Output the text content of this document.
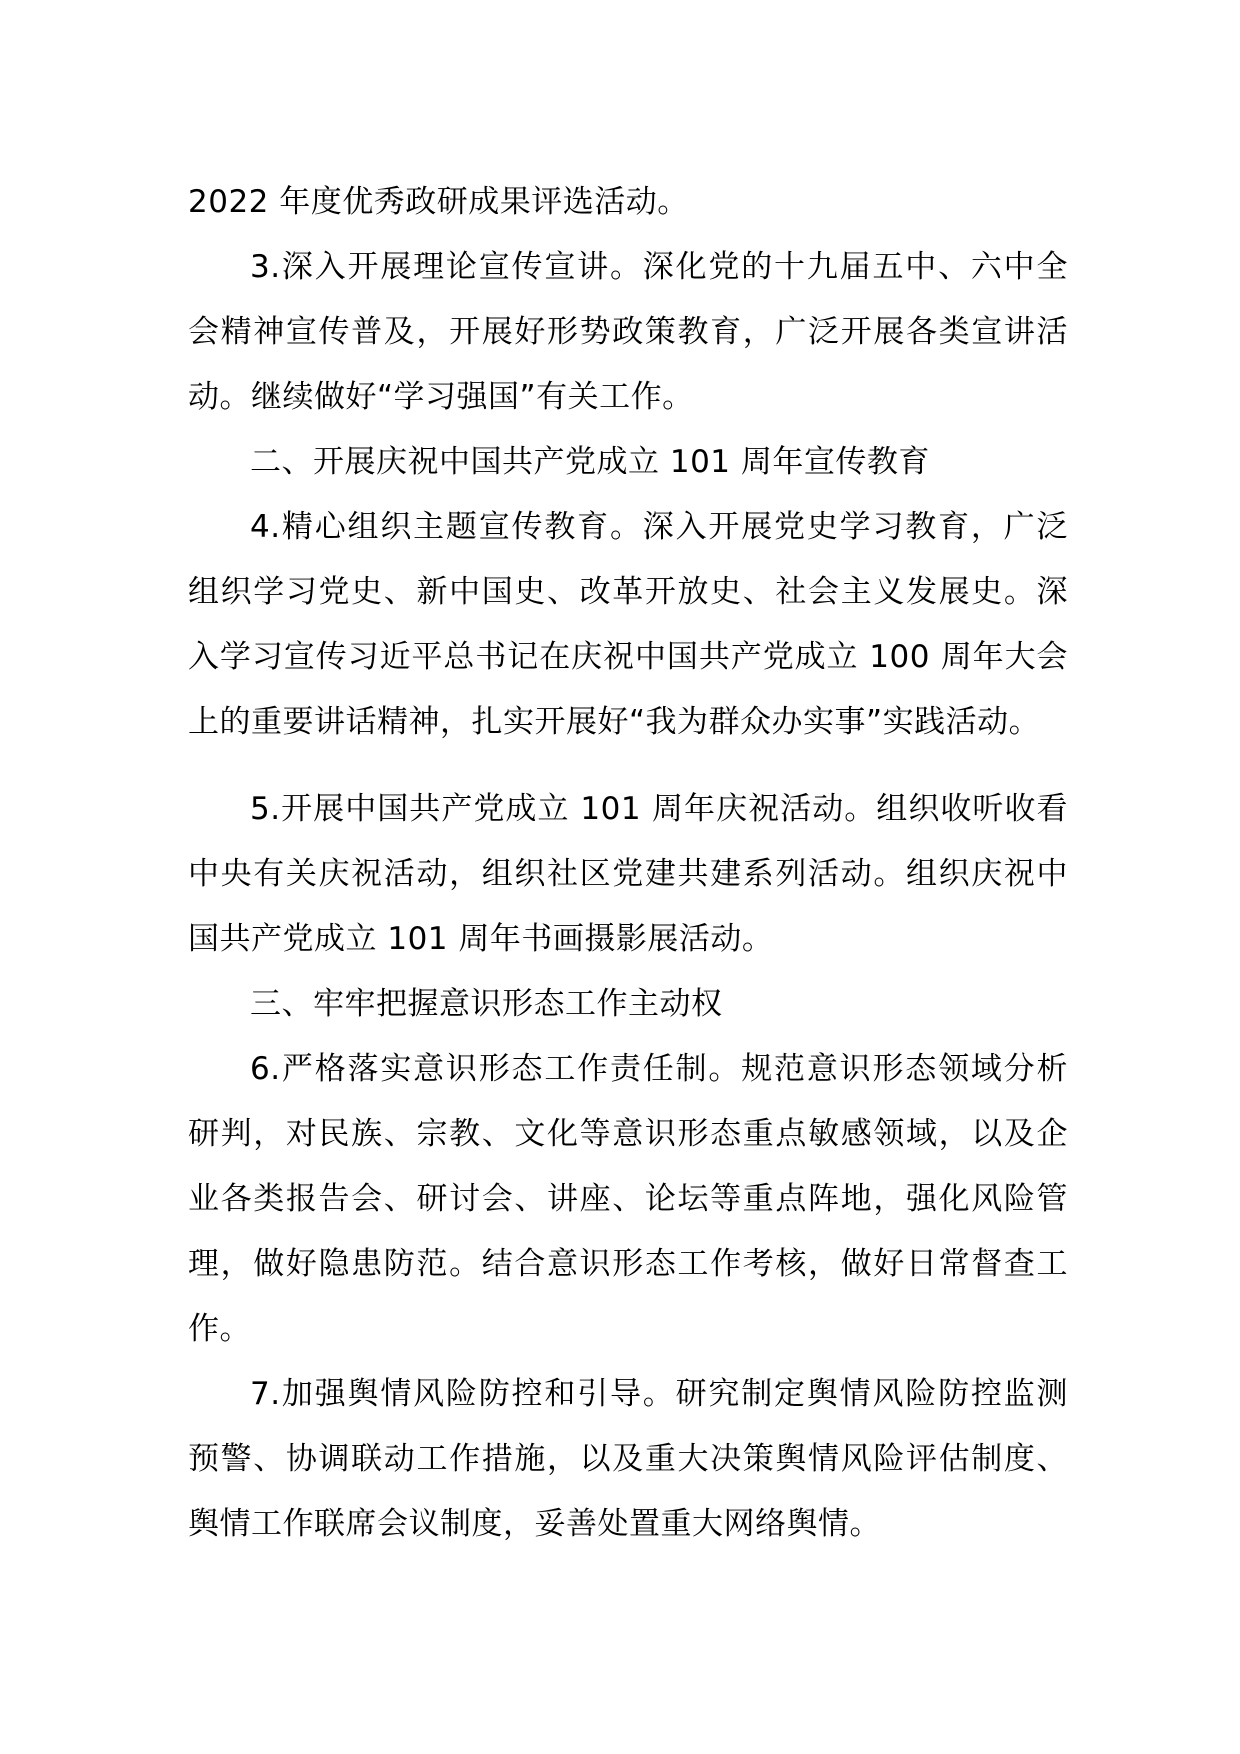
2022 年度优秀政研成果评选活动。

3.深入开展理论宣传宣讲。深化党的十九届五中、六中全会精神宣传普及，开展好形势政策教育，广泛开展各类宣讲活动。继续做好“学习强国”有关工作。

二、开展庆祝中国共产党成立 101 周年宣传教育

4.精心组织主题宣传教育。深入开展党史学习教育，广泛组织学习党史、新中国史、改革开放史、社会主义发展史。深入学习宣传习近平总书记在庆祝中国共产党成立 100 周年大会上的重要讲话精神，扎实开展好“我为群众办实事”实践活动。

5.开展中国共产党成立 101 周年庆祝活动。组织收听收看中央有关庆祝活动，组织社区党建共建系列活动。组织庆祝中国共产党成立 101 周年书画摄影展活动。

三、牢牢把握意识形态工作主动权

6.严格落实意识形态工作责任制。规范意识形态领域分析研判，对民族、宗教、文化等意识形态重点敏感领域，以及企业各类报告会、研讨会、讲座、论坛等重点阵地，强化风险管理，做好隐患防范。结合意识形态工作考核，做好日常督查工作。

7.加强舆情风险防控和引导。研究制定舆情风险防控监测预警、协调联动工作措施，以及重大决策舆情风险评估制度、舆情工作联席会议制度，妥善处置重大网络舆情。
